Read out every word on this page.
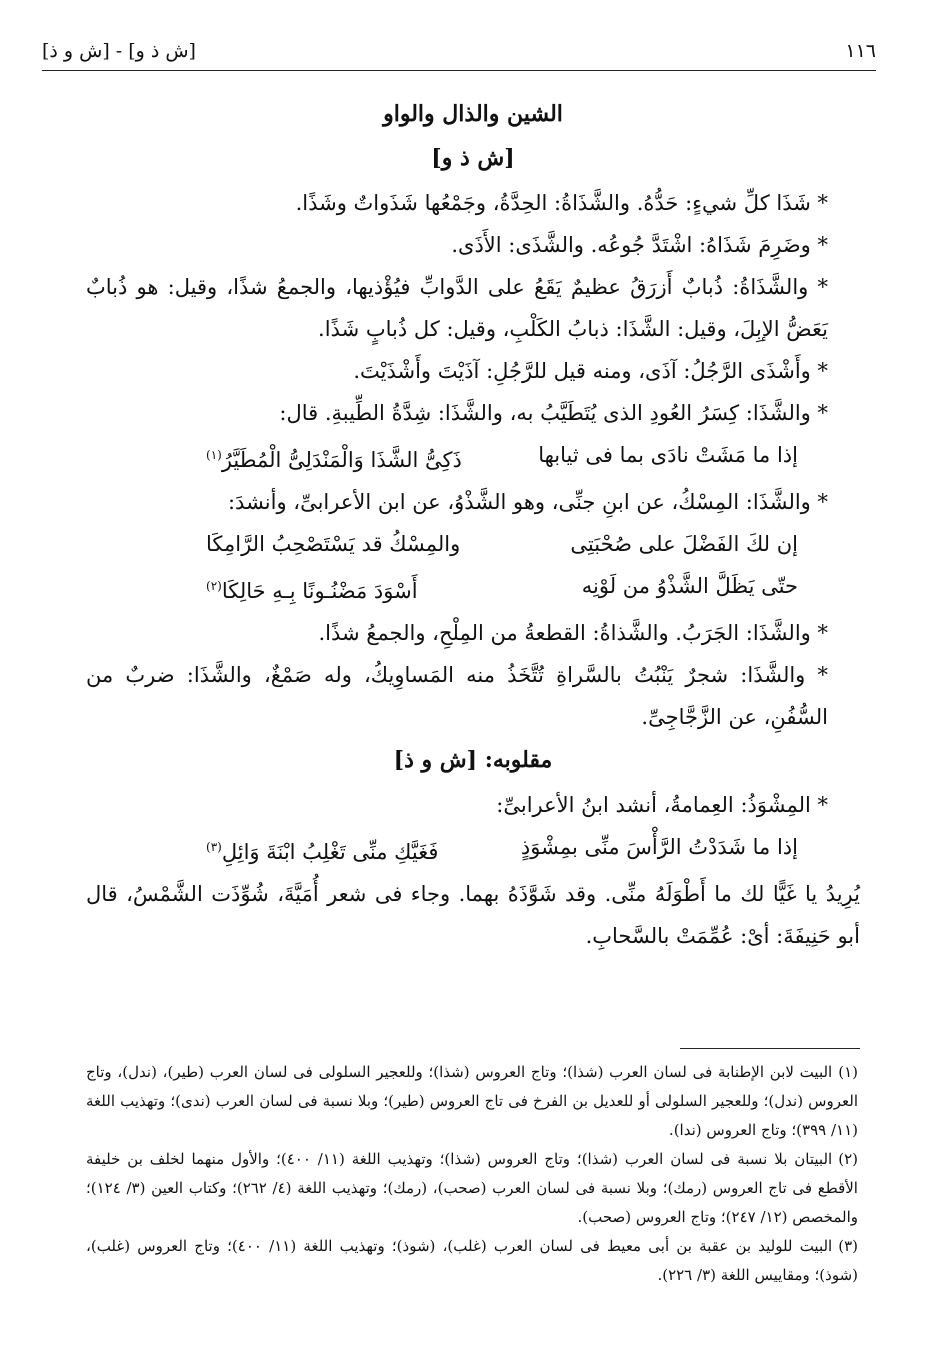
١١٦
[ش ذ و] - [ش و ذ]
الشين والذال والواو
[ش ذ و]

* شَذَا كلِّ شيءٍ: حَدُّهُ. والشَّذَاةُ: الحِدَّةُ، وجَمْعُها شَذَواتٌ وشَذًا.

* وضَرِمَ شَذَاهُ: اشْتَدَّ جُوعُه. والشَّذَى: الأَذَى.

* والشَّذَاةُ: ذُبابٌ أَزرَقُ عظيمٌ يَقَعُ على الدَّوابِّ فيُؤْذيها، والجمعُ شذًا، وقيل: هو ذُبابٌ يَعَضُّ الإبِلَ، وقيل: الشَّذَا: ذبابُ الكَلْبِ، وقيل: كل ذُبابٍ شَذًا.

* وأَشْذَى الرَّجُلُ: آذَى، ومنه قيل للرَّجُلِ: آذَيْتَ وأَشْذَيْتَ.

* والشَّذَا: كِسَرُ العُودِ الذى يُتَطَيَّبُ به، والشَّذَا: شِدَّةُ الطِّيبةِ. قال:

إذا ما مَشَتْ نادَى بما فى ثيابها
ذَكِىُّ الشَّذَا وَالْمَنْدَلِىُّ الْمُطَيَّرُ$^{(١)}$

* والشَّذَا: المِسْكُ، عن ابنِ جنِّى، وهو الشَّذْوُ، عن ابن الأعرابىِّ، وأنشدَ:

إن لكَ الفَضْلَ على صُحْبَتِى
والمِسْكُ قد يَسْتَصْحِبُ الرَّامِكَا
حتّى يَظَلَّ الشَّذْوُ من لَوْنِه
أَسْوَدَ مَضْنُـونًا بِـهِ حَالِكَا$^{(٢)}$

* والشَّذَا: الجَرَبُ. والشَّذاةُ: القطعةُ من المِلْحِ، والجمعُ شذًا.

* والشَّذَا: شجرٌ يَنْبُتُ بالسَّراةِ تُتَّخَذُ منه المَساوِيكُ، وله صَمْغٌ، والشَّذَا: ضربٌ من السُّفُنِ، عن الزَّجَّاجِىِّ.

مقلوبه: [ش و ذ]

* المِشْوَذُ: العِمامةُ، أنشد ابنُ الأعرابىِّ:

إذا ما شَدَدْتُ الرَّأْسَ منِّى بمِشْوَذٍ
فَغَيَّكِ منِّى تَغْلِبُ ابْنَةَ وَائِلِ$^{(٣)}$

يُرِيدُ يا غَيًّا لك ما أَطْوَلَهُ منِّى. وقد شَوَّذَهُ بهما. وجاء فى شعر أُمَيَّةَ، شُوِّذَت الشَّمْسُ، قال أبو حَنِيفَةَ: أىْ: عُمِّمَتْ بالسَّحابِ.

(١)البيت لابن الإطنابة فى لسان العرب (شذا)؛ وتاج العروس (شذا)؛ وللعجير السلولى فى لسان العرب (طير)، (ندل)، وتاج العروس (ندل)؛ وللعجير السلولى أو للعديل بن الفرخ فى تاج العروس (طير)؛ وبلا نسبة فى لسان العرب (ندى)؛ وتهذيب اللغة (١١/ ٣٩٩)؛ وتاج العروس (ندا).

(٢)البيتان بلا نسبة فى لسان العرب (شذا)؛ وتاج العروس (شذا)؛ وتهذيب اللغة (١١/ ٤٠٠)؛ والأول منهما لخلف بن خليفة الأقطع فى تاج العروس (رمك)؛ وبلا نسبة فى لسان العرب (صحب)، (رمك)؛ وتهذيب اللغة (٤/ ٢٦٢)؛ وكتاب العين (٣/ ١٢٤)؛ والمخصص (١٢/ ٢٤٧)؛ وتاج العروس (صحب).

(٣)البيت للوليد بن عقبة بن أبى معيط فى لسان العرب (غلب)، (شوذ)؛ وتهذيب اللغة (١١/ ٤٠٠)؛ وتاج العروس (غلب)، (شوذ)؛ ومقاييس اللغة (٣/ ٢٢٦).
